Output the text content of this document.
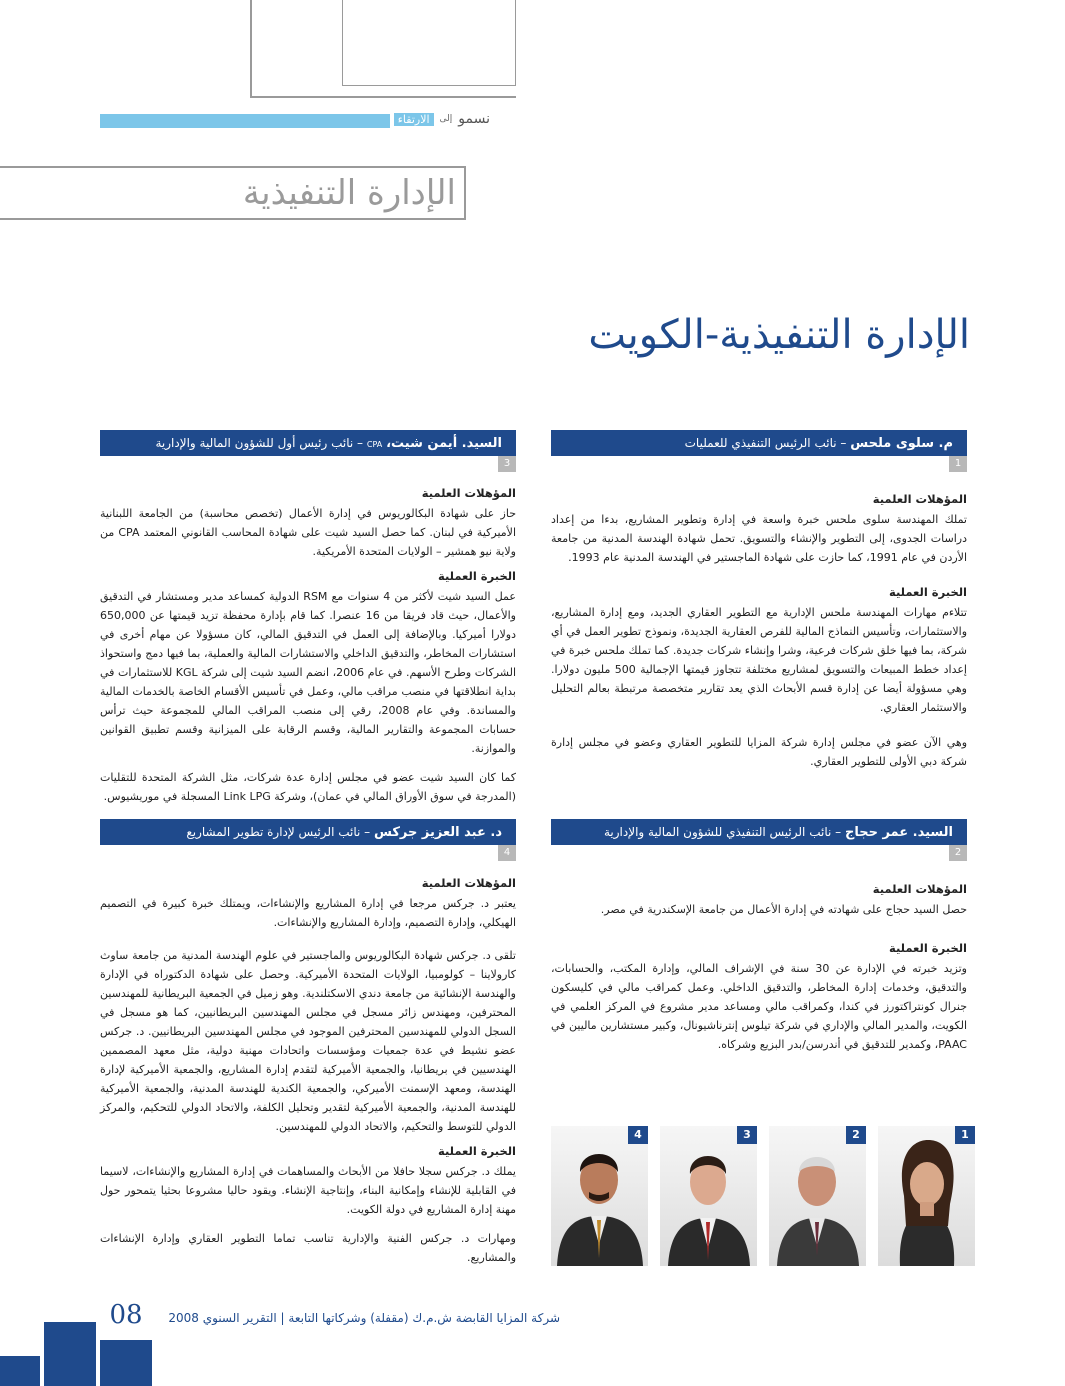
نسمو
إلى
الارتقاء
الإدارة التنفيذية
الإدارة التنفيذية-الكويت
م. سلوى ملحس – نائب الرئيس التنفيذي للعمليات
1

المؤهلات العلمية

تملك المهندسة سلوى ملحس خبرة واسعة في إدارة وتطوير المشاريع، بدءا من إعداد دراسات الجدوى، إلى التطوير والإنشاء والتسويق. تحمل شهادة الهندسة المدنية من جامعة الأردن في عام 1991، كما حازت على شهادة الماجستير في الهندسة المدنية عام 1993.

الخبرة العملية

تتلاءم مهارات المهندسة ملحس الإدارية مع التطوير العقاري الجديد، ومع إدارة المشاريع، والاستثمارات، وتأسيس النماذج المالية للفرص العقارية الجديدة، ونموذج تطوير العمل في أي شركة، بما فيها خلق شركات فرعية، وشرا وإنشاء شركات جديدة. كما تملك ملحس خبرة في إعداد خطط المبيعات والتسويق لمشاريع مختلفة تتجاوز قيمتها الإجمالية 500 مليون دولارا. وهي مسؤولة أيضا عن إدارة قسم الأبحاث الذي يعد تقارير متخصصة مرتبطة بعالم التحليل والاستثمار العقاري.

وهي الآن عضو في مجلس إدارة شركة المزايا للتطوير العقاري وعضو في مجلس إدارة شركة دبي الأولى للتطوير العقاري.

السيد. عمر حجاج – نائب الرئيس التنفيذي للشؤون المالية والإدارية
2

المؤهلات العلمية

حصل السيد حجاج على شهادته في إدارة الأعمال من جامعة الإسكندرية في مصر.

الخبرة العملية

وتزيد خبرته في الإدارة عن 30 سنة في الإشراف المالي، وإدارة المكتب، والحسابات، والتدقيق، وخدمات إدارة المخاطر، والتدقيق الداخلي. وعمل كمراقب مالي في كليسكون جنرال كونتراكتورز في كندا، وكمراقب مالي ومساعد مدير مشروع في المركز العلمي في الكويت، والمدير المالي والإداري في شركة تيلوس إنترناشيونال، وكبير مستشارين ماليين في PAAC، وكمدير للتدقيق في أندرسن/بدر البزيع وشركاه.

السيد. أيمن شيت، CPA – نائب رئيس أول للشؤون المالية والإدارية
3

المؤهلات العلمية

حاز على شهادة البكالوريوس في إدارة الأعمال (تخصص محاسبة) من الجامعة اللبنانية الأميركية في لبنان. كما حصل السيد شيت على شهادة المحاسب القانوني المعتمد CPA من ولاية نيو همشير – الولايات المتحدة الأمريكية.

الخبرة العملية

عمل السيد شيت لأكثر من 4 سنوات مع RSM الدولية كمساعد مدير ومستشار في التدقيق والأعمال، حيث قاد فريقا من 16 عنصرا. كما قام بإدارة محفظة تزيد قيمتها عن 650,000 دولارا أميركيا. وبالإضافة إلى العمل في التدقيق المالي، كان مسؤولا عن مهام أخرى في استشارات المخاطر، والتدقيق الداخلي والاستشارات المالية والعملية، بما فيها دمج واستحواذ الشركات وطرح الأسهم. في عام 2006، انضم السيد شيت إلى شركة KGL للاستثمارات في بداية انطلاقتها في منصب مراقب مالي، وعمل في تأسيس الأقسام الخاصة بالخدمات المالية والمساندة. وفي عام 2008، رقي إلى منصب المراقب المالي للمجموعة حيث ترأس حسابات المجموعة والتقارير المالية، وقسم الرقابة على الميزانية وقسم تطبيق القوانين والموازنة.

كما كان السيد شيت عضو في مجلس إدارة عدة شركات، مثل الشركة المتحدة للتقليات (المدرجة في سوق الأوراق المالي في عمان)، وشركة Link LPG المسجلة في موريشيوس.

د. عبد العزيز جركس – نائب الرئيس لإدارة تطوير المشاريع
4

المؤهلات العلمية

يعتبر د. جركس مرجعا في إدارة المشاريع والإنشاءات، ويمتلك خبرة كبيرة في التصميم الهيكلي، وإدارة التصميم، وإدارة المشاريع والإنشاءات.

تلقى د. جركس شهادة البكالوريوس والماجستير في علوم الهندسة المدنية من جامعة ساوث كارولاينا – كولومبيا، الولايات المتحدة الأميركية. وحصل على شهادة الدكتوراه في الإدارة والهندسة الإنشائية من جامعة دندي الاسكتلندية. وهو زميل في الجمعية البريطانية للمهندسين المحترفين، ومهندس زائر مسجل في مجلس المهندسين البريطانيين، كما هو مسجل في السجل الدولي للمهندسين المحترفين الموجود في مجلس المهندسين البريطانيين. د. جركس عضو نشيط في عدة جمعيات ومؤسسات واتحادات مهنية دولية، مثل معهد المصممين الهندسيين في بريطانيا، والجمعية الأميركية لتقدم إدارة المشاريع، والجمعية الأميركية لإدارة الهندسة، ومعهد الإسمنت الأميركي، والجمعية الكندية للهندسة المدنية، والجمعية الأميركية للهندسة المدنية، والجمعية الأميركية لتقدير وتحليل الكلفة، والاتحاد الدولي للتحكيم، والمركز الدولي للتوسط والتحكيم، والاتحاد الدولي للمهندسين.

الخبرة العملية

يملك د. جركس سجلا حافلا من الأبحاث والمساهمات في إدارة المشاريع والإنشاءات، لاسيما في القابلية للإنشاء وإمكانية البناء، وإنتاجية الإنشاء. ويقود حاليا مشروعا بحثيا يتمحور حول مهنة إدارة المشاريع في دولة الكويت.

ومهارات د. جركس الفنية والإدارية تناسب تماما التطوير العقاري وإدارة الإنشاءات والمشاريع.

1
2
3
4
08	شركة المزايا القابضة ش.م.ك (مقفلة) وشركاتها التابعة | التقرير السنوي 2008
